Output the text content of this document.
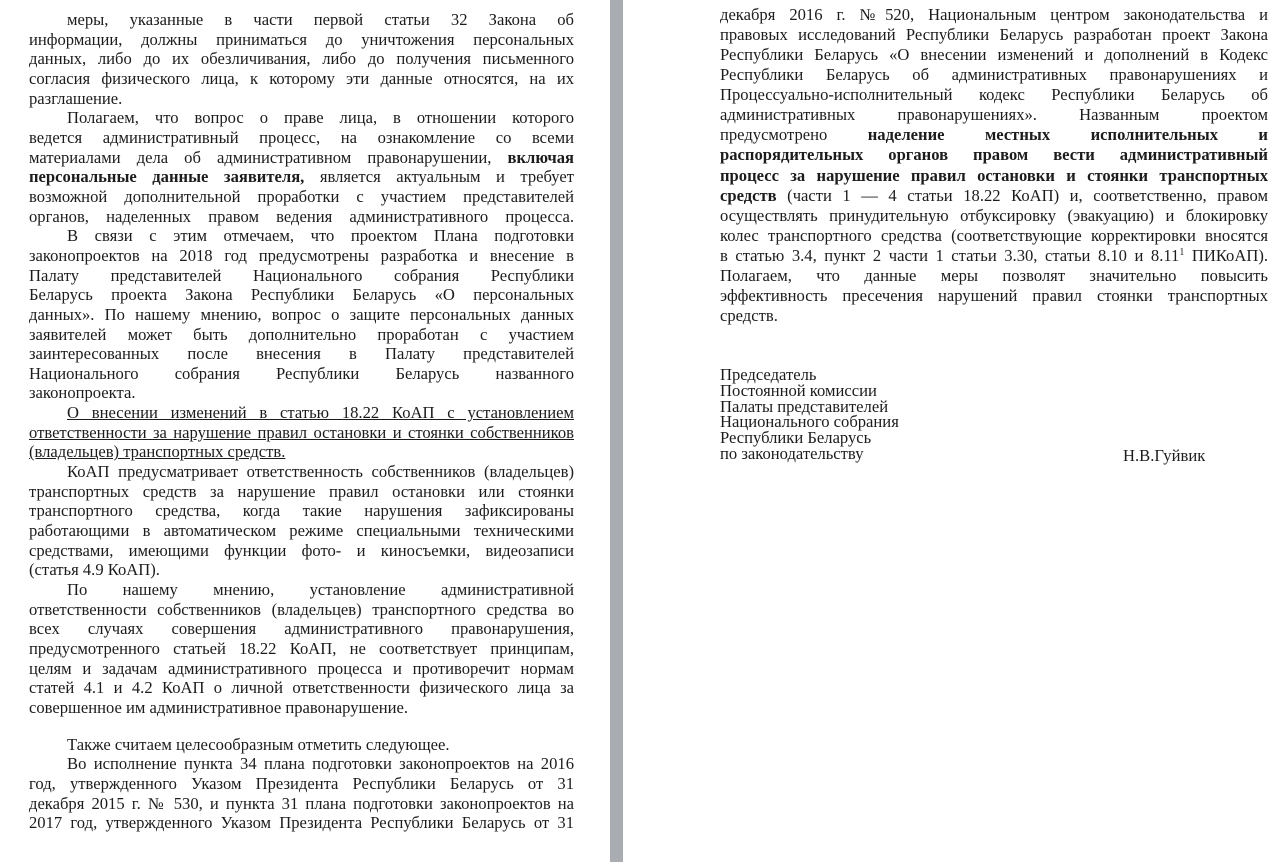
меры, указанные в части первой статьи 32 Закона об
информации, должны приниматься до уничтожения персональных
данных, либо до их обезличивания, либо до получения письменного
согласия физического лица, к которому эти данные относятся, на их
разглашение.
Полагаем, что вопрос о праве лица, в отношении которого
ведется административный процесс, на ознакомление со всеми
материалами дела об административном правонарушении, включая
персональные данные заявителя, является актуальным и требует
возможной дополнительной проработки с участием представителей
органов, наделенных правом ведения административного процесса.
В связи с этим отмечаем, что проектом Плана подготовки
законопроектов на 2018 год предусмотрены разработка и внесение в
Палату представителей Национального собрания Республики
Беларусь проекта Закона Республики Беларусь «О персональных
данных». По нашему мнению, вопрос о защите персональных данных
заявителей может быть дополнительно проработан с участием
заинтересованных после внесения в Палату представителей
Национального собрания Республики Беларусь названного
законопроекта.
О внесении изменений в статью 18.22 КоАП с установлением
ответственности за нарушение правил остановки и стоянки собственников
(владельцев) транспортных средств.
КоАП предусматривает ответственность собственников (владельцев)
транспортных средств за нарушение правил остановки или стоянки
транспортного средства, когда такие нарушения зафиксированы
работающими в автоматическом режиме специальными техническими
средствами, имеющими функции фото- и киносъемки, видеозаписи
(статья 4.9 КоАП).
По нашему мнению, установление административной
ответственности собственников (владельцев) транспортного средства во
всех случаях совершения административного правонарушения,
предусмотренного статьей 18.22 КоАП, не соответствует принципам,
целям и задачам административного процесса и противоречит нормам
статей 4.1 и 4.2 КоАП о личной ответственности физического лица за
совершенное им административное правонарушение.
Также считаем целесообразным отметить следующее.
Во исполнение пункта 34 плана подготовки законопроектов на 2016
год, утвержденного Указом Президента Республики Беларусь от 31
декабря 2015 г. № 530, и пункта 31 плана подготовки законопроектов на
2017 год, утвержденного Указом Президента Республики Беларусь от 31
декабря 2016 г. №520, Национальным центром законодательства и
правовых исследований Республики Беларусь разработан проект Закона
Республики Беларусь «О внесении изменений и дополнений в Кодекс
Республики Беларусь об административных правонарушениях и
Процессуально-исполнительный кодекс Республики Беларусь об
административных правонарушениях». Названным проектом
предусмотрено наделение местных исполнительных и
распорядительных органов правом вести административный
процесс за нарушение правил остановки и стоянки транспортных
средств (части 1 — 4 статьи 18.22 КоАП) и, соответственно, правом
осуществлять принудительную отбуксировку (эвакуацию) и блокировку
колес транспортного средства (соответствующие корректировки вносятся
в статью 3.4, пункт 2 части 1 статьи 3.30, статьи 8.10 и 8.11$^1$ ПИКоАП).
Полагаем, что данные меры позволят значительно повысить
эффективность пресечения нарушений правил стоянки транспортных
средств.
Председатель
Постоянной комиссии
Палаты представителей
Национального собрания
Республики Беларусь
по законодательству	Н.В.Гуйвик
